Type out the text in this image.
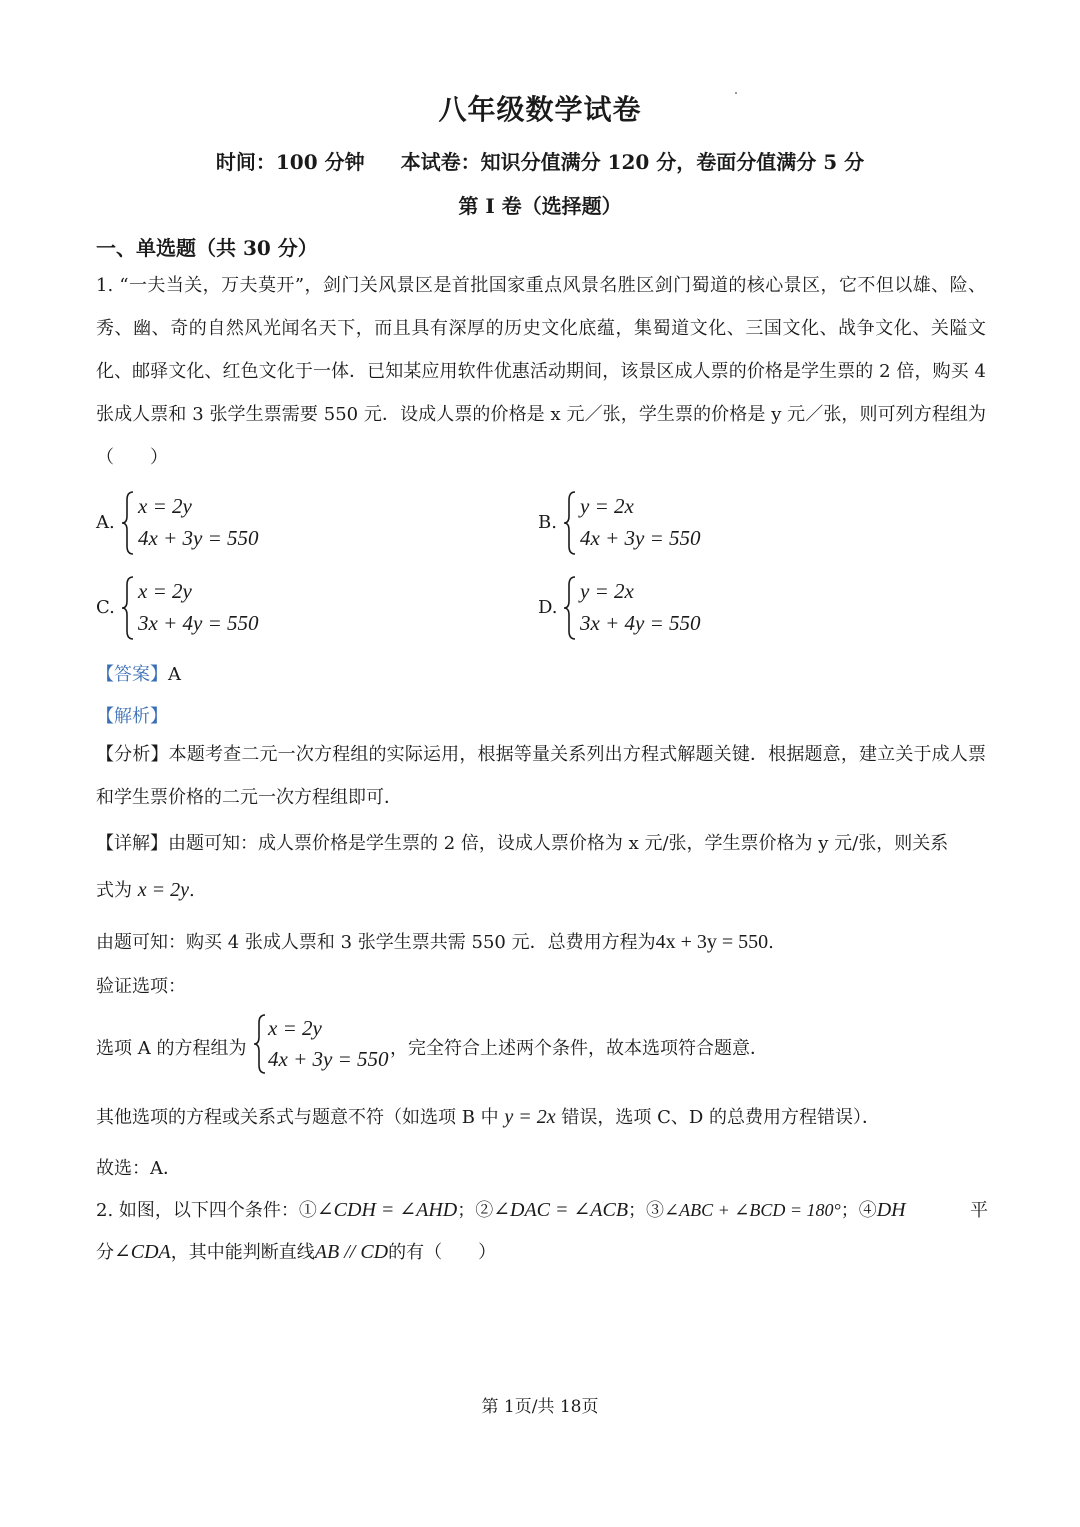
八年级数学试卷
时间：100 分钟 本试卷：知识分值满分 120 分，卷面分值满分 5 分
第 I 卷（选择题）
一、单选题（共 30 分）
1. “一夫当关，万夫莫开”，剑门关风景区是首批国家重点风景名胜区剑门蜀道的核心景区，它不但以雄、险、秀、幽、奇的自然风光闻名天下，而且具有深厚的历史文化底蕴，集蜀道文化、三国文化、战争文化、关隘文化、邮驿文化、红色文化于一体．已知某应用软件优惠活动期间，该景区成人票的价格是学生票的 2 倍，购买 4 张成人票和 3 张学生票需要 550 元．设成人票的价格是 x 元／张，学生票的价格是 y 元／张，则可列方程组为（　　）
A.
x = 2y
4x + 3y = 550
B.
y = 2x
4x + 3y = 550
C.
x = 2y
3x + 4y = 550
D.
y = 2x
3x + 4y = 550
【答案】A
【解析】
【分析】本题考查二元一次方程组的实际运用，根据等量关系列出方程式解题关键．根据题意，建立关于成人票和学生票价格的二元一次方程组即可．
【详解】由题可知：成人票价格是学生票的 2 倍，设成人票价格为 x 元/张，学生票价格为 y 元/张，则关系
式为 x = 2y.
由题可知：购买 4 张成人票和 3 张学生票共需 550 元．总费用方程为4x + 3y = 550.
验证选项：
选项 A 的方程组为
x = 2y
4x + 3y = 550 ，完全符合上述两个条件，故本选项符合题意．
其他选项的方程或关系式与题意不符（如选项 B 中 y = 2x 错误，选项 C、D 的总费用方程错误）．
故选：A．
2. 如图，以下四个条件：①∠CDH = ∠AHD；②∠DAC = ∠ACB；③∠ABC + ∠BCD = 180°；④DH	平
分∠CDA，其中能判断直线AB // CD的有（　　）
第 1页/共 18页
